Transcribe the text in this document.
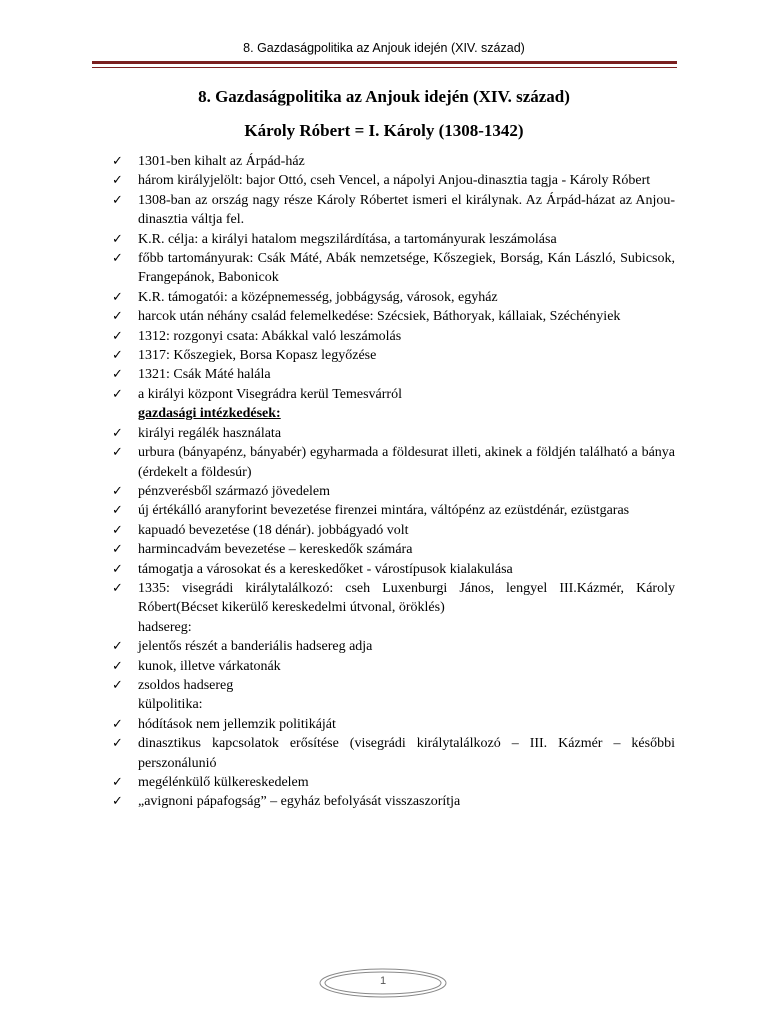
8. Gazdaságpolitika az Anjouk idején (XIV. század)
8. Gazdaságpolitika az Anjouk idején (XIV. század)
Károly Róbert = I. Károly (1308-1342)
✓ 1301-ben kihalt az Árpád-ház
✓ három királyjelölt: bajor Ottó, cseh Vencel, a nápolyi Anjou-dinasztia tagja - Károly Róbert
✓ 1308-ban az ország nagy része Károly Róbertet ismeri el királynak. Az Árpád-házat az Anjou-dinasztia váltja fel.
✓ K.R. célja: a királyi hatalom megszilárdítása, a tartományurak leszámolása
✓ főbb tartományurak: Csák Máté, Abák nemzetsége, Kőszegiek, Borság, Kán László, Subicsok, Frangepánok, Babonicok
✓ K.R. támogatói: a középnemesség, jobbágyság, városok, egyház
✓ harcok után néhány család felemelkedése: Szécsiek, Báthoryak, kállaiak, Széchényiek
✓ 1312: rozgonyi csata: Abákkal való leszámolás
✓ 1317: Kőszegiek, Borsa Kopasz legyőzése
✓ 1321: Csák Máté halála
✓ a királyi központ Visegrádra kerül Temesvárról
gazdasági intézkedések:
✓ királyi regálék használata
✓ urbura (bányapénz, bányabér) egyharmada a földesurat illeti, akinek a földjén található a bánya (érdekelt a földesúr)
✓ pénzverésből származó jövedelem
✓ új értékálló aranyforint bevezetése firenzei mintára, váltópénz az ezüstdénár, ezüstgaras
✓ kapuadó bevezetése (18 dénár). jobbágyadó volt
✓ harmincadvám bevezetése – kereskedők számára
✓ támogatja a városokat és a kereskedőket - várostípusok kialakulása
✓ 1335: visegrádi királytalálkozó: cseh Luxenburgi János, lengyel III.Kázmér, Károly Róbert(Bécset kikerülő kereskedelmi útvonal, öröklés)
hadsereg:
✓ jelentős részét a banderiális hadsereg adja
✓ kunok, illetve várkatonák
✓ zsoldos hadsereg
külpolitika:
✓ hódítások nem jellemzik politikáját
✓ dinasztikus kapcsolatok erősítése (visegrádi királytalálkozó – III. Kázmér – későbbi perszonálunió
✓ megélénkülő külkereskedelem
✓ „avignoni pápafogság” – egyház befolyását visszaszorítja
1
